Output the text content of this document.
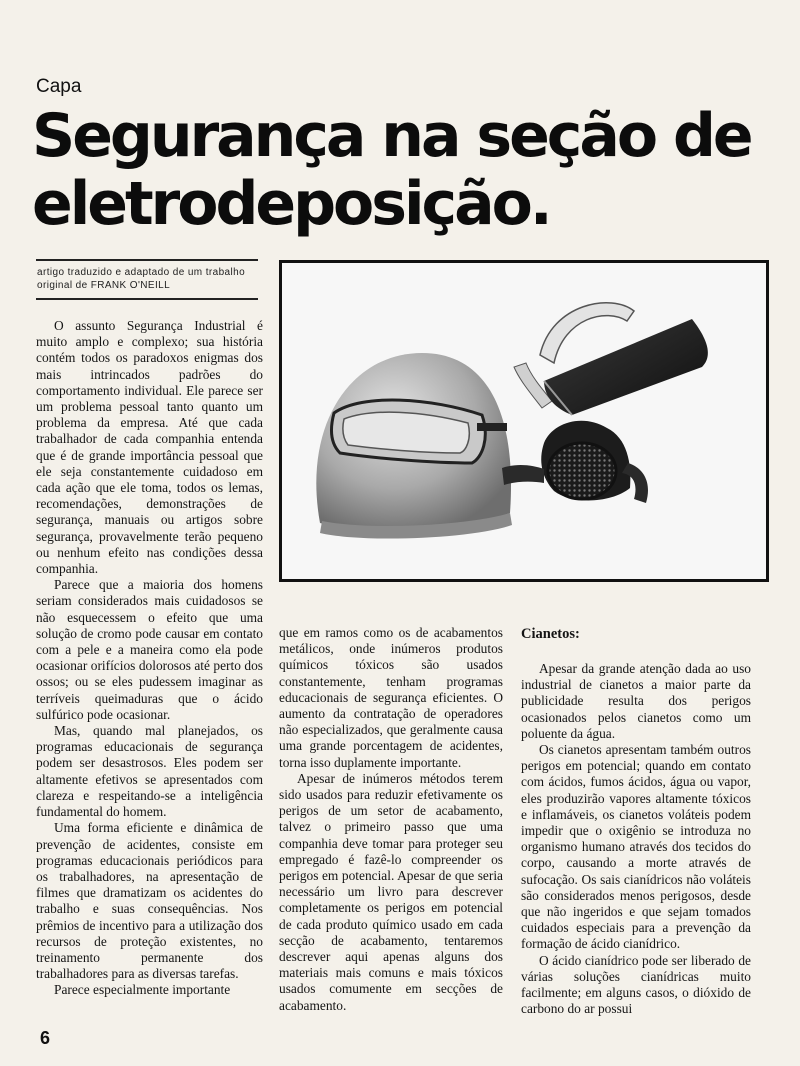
Capa
Segurança na seção de eletrodeposição.
artigo traduzido e adaptado de um trabalho original de FRANK O'NEILL

O assunto Segurança Industrial é muito amplo e complexo; sua história contém todos os paradoxos enigmas dos mais intrincados padrões do comportamento individual. Ele parece ser um problema pessoal tanto quanto um problema da empresa. Até que cada trabalhador de cada companhia entenda que é de grande importância pessoal que ele seja constantemente cuidadoso em cada ação que ele toma, todos os lemas, recomendações, demonstrações de segurança, manuais ou artigos sobre segurança, provavelmente terão pequeno ou nenhum efeito nas condições dessa companhia.

Parece que a maioria dos homens seriam considerados mais cuidadosos se não esquecessem o efeito que uma solução de cromo pode causar em contato com a pele e a maneira como ela pode ocasionar orifícios dolorosos até perto dos ossos; ou se eles pudessem imaginar as terríveis queimaduras que o ácido sulfúrico pode ocasionar.

Mas, quando mal planejados, os programas educacionais de segurança podem ser desastrosos. Eles podem ser altamente efetivos se apresentados com clareza e respeitando-se a inteligência fundamental do homem.

Uma forma eficiente e dinâmica de prevenção de acidentes, consiste em programas educacionais periódicos para os trabalhadores, na apresentação de filmes que dramatizam os acidentes do trabalho e suas consequências. Nos prêmios de incentivo para a utilização dos recursos de proteção existentes, no treinamento permanente dos trabalhadores para as diversas tarefas.

Parece especialmente importante

que em ramos como os de acabamentos metálicos, onde inúmeros produtos químicos tóxicos são usados constantemente, tenham programas educacionais de segurança eficientes. O aumento da contratação de operadores não especializados, que geralmente causa uma grande porcentagem de acidentes, torna isso duplamente importante.

Apesar de inúmeros métodos terem sido usados para reduzir efetivamente os perigos de um setor de acabamento, talvez o primeiro passo que uma companhia deve tomar para proteger seu empregado é fazê-lo compreender os perigos em potencial. Apesar de que seria necessário um livro para descrever completamente os perigos em potencial de cada produto químico usado em cada secção de acabamento, tentaremos descrever aqui apenas alguns dos materiais mais comuns e mais tóxicos usados comumente em secções de acabamento.

Cianetos:

Apesar da grande atenção dada ao uso industrial de cianetos a maior parte da publicidade resulta dos perigos ocasionados pelos cianetos como um poluente da água.

Os cianetos apresentam também outros perigos em potencial; quando em contato com ácidos, fumos ácidos, água ou vapor, eles produzirão vapores altamente tóxicos e inflamáveis, os cianetos voláteis podem impedir que o oxigênio se introduza no organismo humano através dos tecidos do corpo, causando a morte através de sufocação. Os sais cianídricos não voláteis são considerados menos perigosos, desde que não ingeridos e que sejam tomados cuidados especiais para a prevenção da formação de ácido cianídrico.

O ácido cianídrico pode ser liberado de várias soluções cianídricas muito facilmente; em alguns casos, o dióxido de carbono do ar possui

6
